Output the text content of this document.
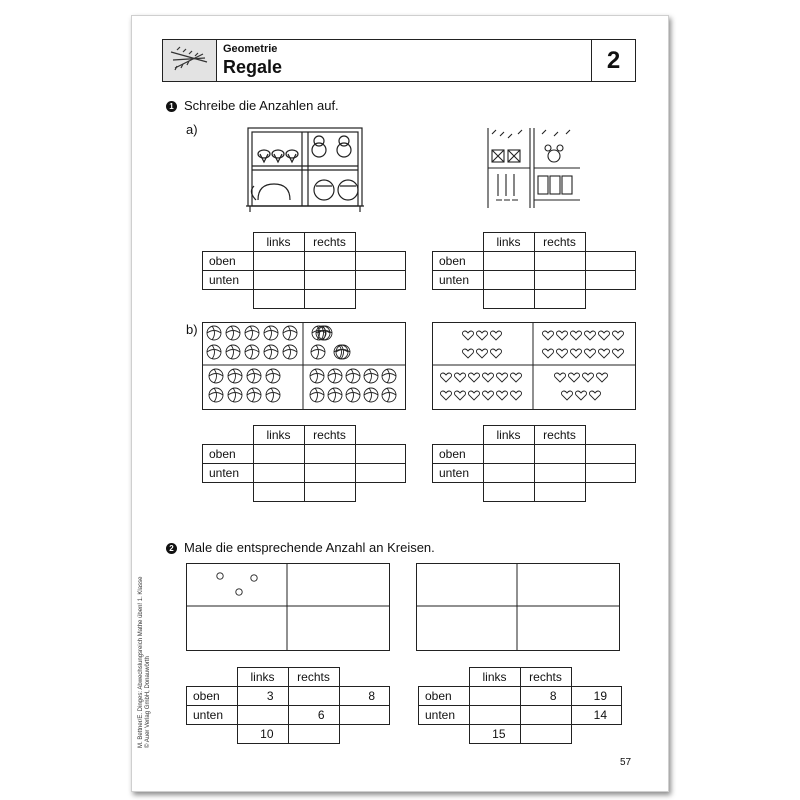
2
Geometrie
Regale
1 Schreibe die Anzahlen auf.
a)
	links	rechts	
oben			
unten			

	links	rechts	
oben			
unten			

b)
	links	rechts	
oben			
unten			

	links	rechts	
oben			
unten			

2 Male die entsprechende Anzahl an Kreisen.
	links	rechts	
oben	3		8
unten		6	
	10		
	links	rechts	
oben		8	19
unten			14
	15		
M. Bettner/E. Dinges: Abwechslungsreich Mathe üben! 1. Klasse © Auer Verlag GmbH, Donauwörth
57
